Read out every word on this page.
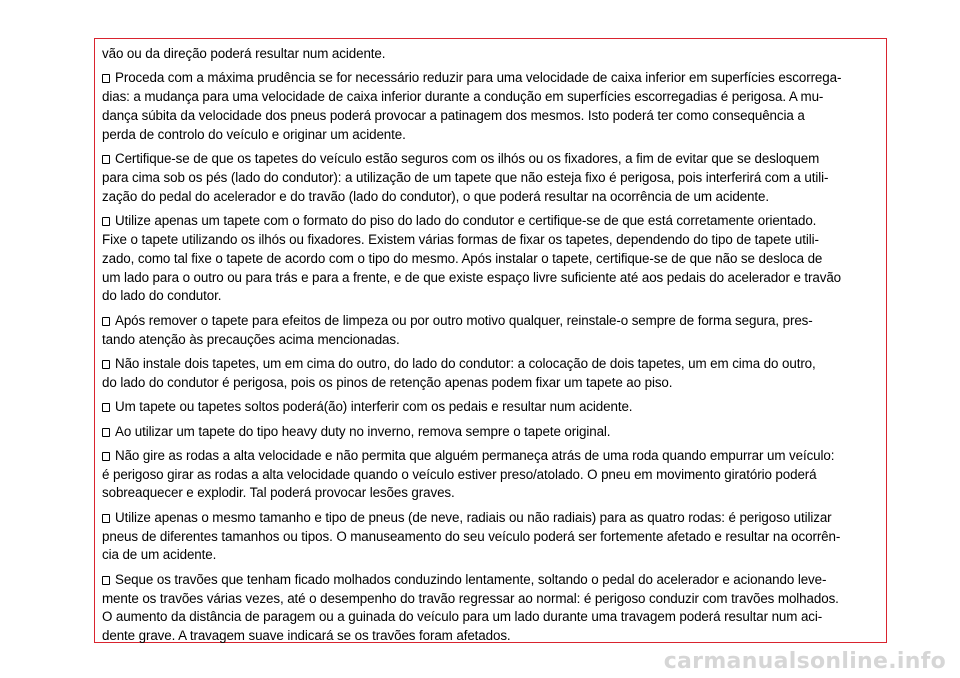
vão ou da direção poderá resultar num acidente.
Proceda com a máxima prudência se for necessário reduzir para uma velocidade de caixa inferior em superfícies escorrega-
dias: a mudança para uma velocidade de caixa inferior durante a condução em superfícies escorregadias é perigosa. A mu-
dança súbita da velocidade dos pneus poderá provocar a patinagem dos mesmos. Isto poderá ter como consequência a
perda de controlo do veículo e originar um acidente.
Certifique-se de que os tapetes do veículo estão seguros com os ilhós ou os fixadores, a fim de evitar que se desloquem
para cima sob os pés (lado do condutor): a utilização de um tapete que não esteja fixo é perigosa, pois interferirá com a utili-
zação do pedal do acelerador e do travão (lado do condutor), o que poderá resultar na ocorrência de um acidente.
Utilize apenas um tapete com o formato do piso do lado do condutor e certifique-se de que está corretamente orientado.
Fixe o tapete utilizando os ilhós ou fixadores. Existem várias formas de fixar os tapetes, dependendo do tipo de tapete utili-
zado, como tal fixe o tapete de acordo com o tipo do mesmo. Após instalar o tapete, certifique-se de que não se desloca de
um lado para o outro ou para trás e para a frente, e de que existe espaço livre suficiente até aos pedais do acelerador e travão
do lado do condutor.
Após remover o tapete para efeitos de limpeza ou por outro motivo qualquer, reinstale-o sempre de forma segura, pres-
tando atenção às precauções acima mencionadas.
Não instale dois tapetes, um em cima do outro, do lado do condutor: a colocação de dois tapetes, um em cima do outro,
do lado do condutor é perigosa, pois os pinos de retenção apenas podem fixar um tapete ao piso.
Um tapete ou tapetes soltos poderá(ão) interferir com os pedais e resultar num acidente.
Ao utilizar um tapete do tipo heavy duty no inverno, remova sempre o tapete original.
Não gire as rodas a alta velocidade e não permita que alguém permaneça atrás de uma roda quando empurrar um veículo:
é perigoso girar as rodas a alta velocidade quando o veículo estiver preso/atolado. O pneu em movimento giratório poderá
sobreaquecer e explodir. Tal poderá provocar lesões graves.
Utilize apenas o mesmo tamanho e tipo de pneus (de neve, radiais ou não radiais) para as quatro rodas: é perigoso utilizar
pneus de diferentes tamanhos ou tipos. O manuseamento do seu veículo poderá ser fortemente afetado e resultar na ocorrên-
cia de um acidente.
Seque os travões que tenham ficado molhados conduzindo lentamente, soltando o pedal do acelerador e acionando leve-
mente os travões várias vezes, até o desempenho do travão regressar ao normal: é perigoso conduzir com travões molhados.
O aumento da distância de paragem ou a guinada do veículo para um lado durante uma travagem poderá resultar num aci-
dente grave. A travagem suave indicará se os travões foram afetados.
carmanualsonline.info
